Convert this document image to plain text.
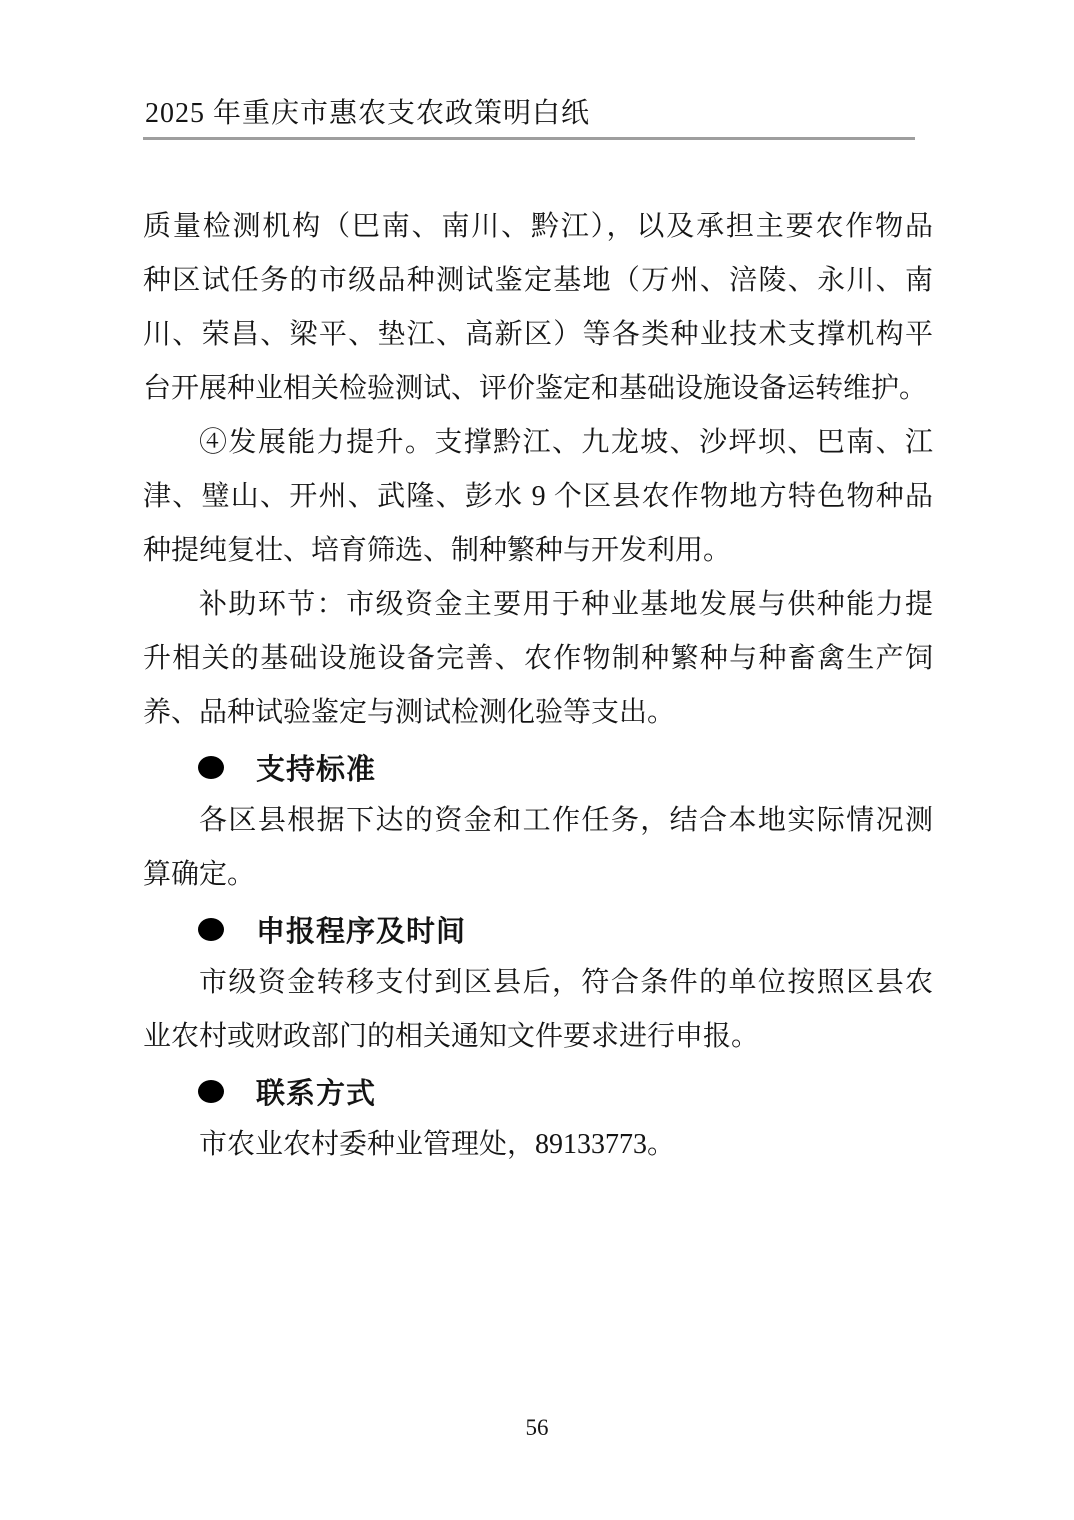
2025 年重庆市惠农支农政策明白纸
质量检测机构（巴南、南川、黔江），以及承担主要农作物品
种区试任务的市级品种测试鉴定基地（万州、涪陵、永川、南
川、荣昌、梁平、垫江、高新区）等各类种业技术支撑机构平
台开展种业相关检验测试、评价鉴定和基础设施设备运转维护。
④发展能力提升。支撑黔江、九龙坡、沙坪坝、巴南、江
津、璧山、开州、武隆、彭水 9 个区县农作物地方特色物种品
种提纯复壮、培育筛选、制种繁种与开发利用。
补助环节：市级资金主要用于种业基地发展与供种能力提
升相关的基础设施设备完善、农作物制种繁种与种畜禽生产饲
养、品种试验鉴定与测试检测化验等支出。
支持标准
各区县根据下达的资金和工作任务，结合本地实际情况测
算确定。
申报程序及时间
市级资金转移支付到区县后，符合条件的单位按照区县农
业农村或财政部门的相关通知文件要求进行申报。
联系方式
市农业农村委种业管理处，89133773。
56
